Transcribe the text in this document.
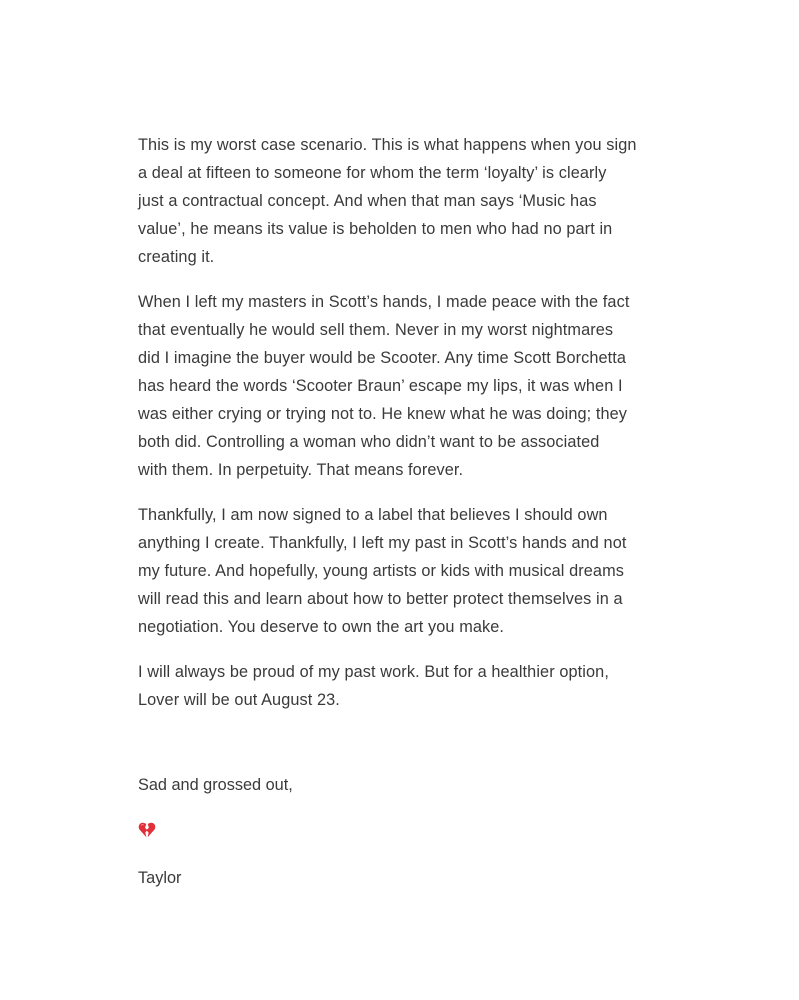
This is my worst case scenario. This is what happens when you sign
a deal at fifteen to someone for whom the term ‘loyalty’ is clearly
just a contractual concept. And when that man says ‘Music has
value’, he means its value is beholden to men who had no part in
creating it.

When I left my masters in Scott’s hands, I made peace with the fact
that eventually he would sell them. Never in my worst nightmares
did I imagine the buyer would be Scooter. Any time Scott Borchetta
has heard the words ‘Scooter Braun’ escape my lips, it was when I
was either crying or trying not to. He knew what he was doing; they
both did. Controlling a woman who didn’t want to be associated
with them. In perpetuity. That means forever.

Thankfully, I am now signed to a label that believes I should own
anything I create. Thankfully, I left my past in Scott’s hands and not
my future. And hopefully, young artists or kids with musical dreams
will read this and learn about how to better protect themselves in a
negotiation. You deserve to own the art you make.

I will always be proud of my past work. But for a healthier option,
Lover will be out August 23.

Sad and grossed out,
Taylor
